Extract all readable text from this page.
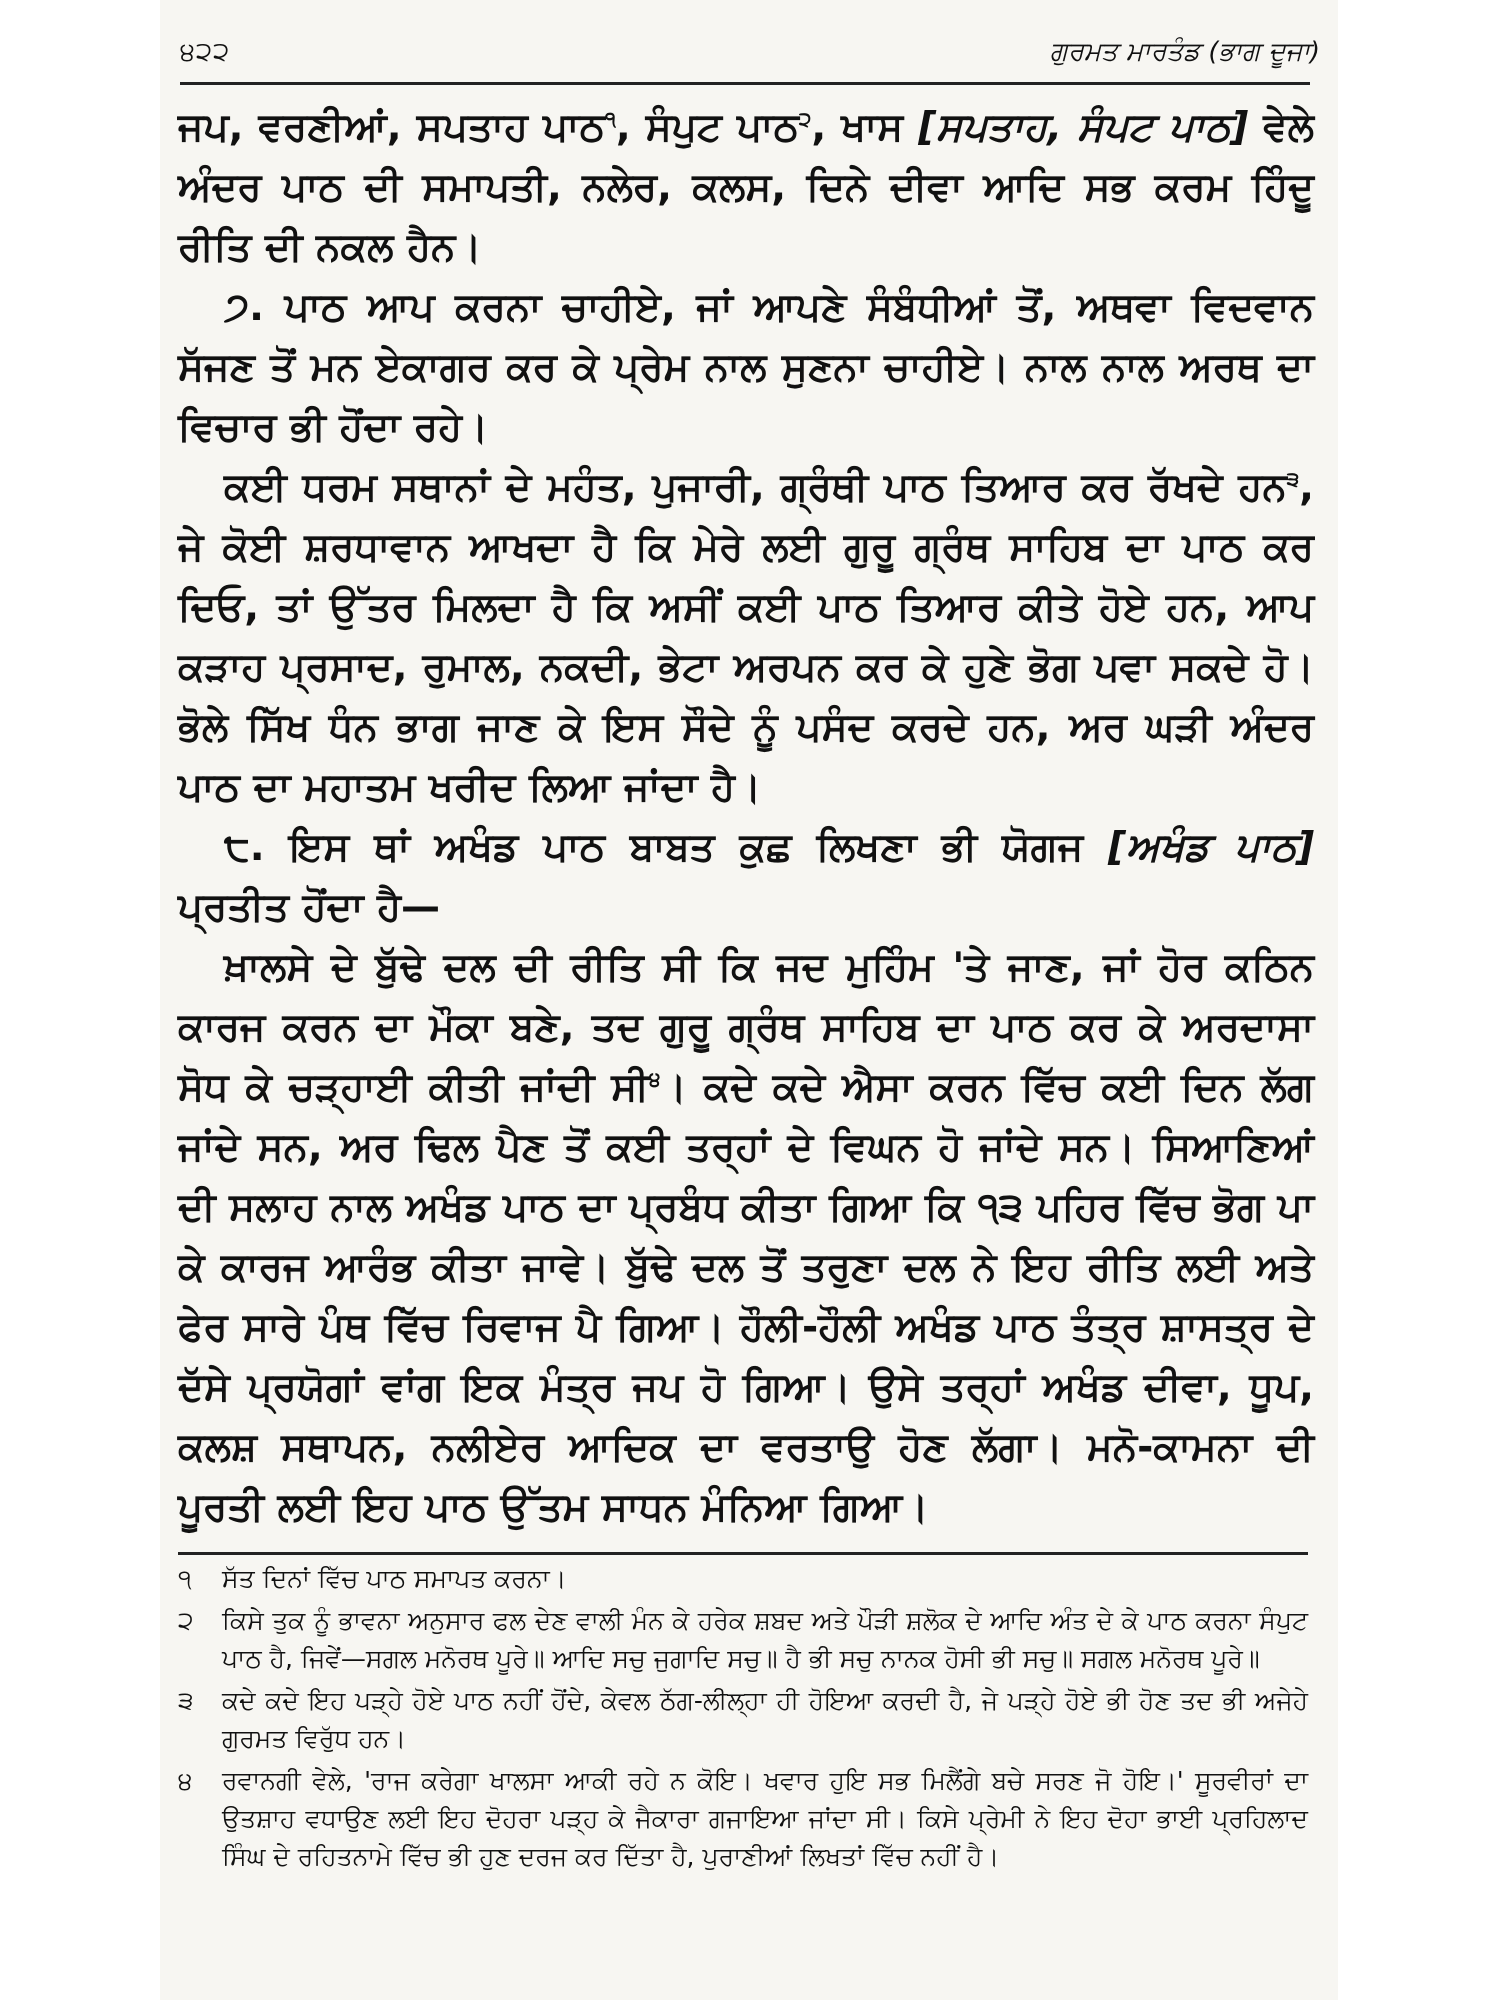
੪੨੨	ਗੁਰਮਤ ਮਾਰਤੰਡ (ਭਾਗ ਦੂਜਾ)

ਜਪ, ਵਰਣੀਆਂ, ਸਪਤਾਹ ਪਾਠ$^੧$, ਸੰਪੁਟ ਪਾਠ$^੨$, ਖਾਸ [ਸਪਤਾਹ, ਸੰਪਟ ਪਾਠ] ਵੇਲੇ ਅੰਦਰ ਪਾਠ ਦੀ ਸਮਾਪਤੀ, ਨਲੇਰ, ਕਲਸ, ਦਿਨੇ ਦੀਵਾ ਆਦਿ ਸਭ ਕਰਮ ਹਿੰਦੂ ਰੀਤਿ ਦੀ ਨਕਲ ਹੈਨ।

੭. ਪਾਠ ਆਪ ਕਰਨਾ ਚਾਹੀਏ, ਜਾਂ ਆਪਣੇ ਸੰਬੰਧੀਆਂ ਤੋਂ, ਅਥਵਾ ਵਿਦਵਾਨ ਸੱਜਣ ਤੋਂ ਮਨ ਏਕਾਗਰ ਕਰ ਕੇ ਪ੍ਰੇਮ ਨਾਲ ਸੁਣਨਾ ਚਾਹੀਏ। ਨਾਲ ਨਾਲ ਅਰਥ ਦਾ ਵਿਚਾਰ ਭੀ ਹੋਂਦਾ ਰਹੇ।

ਕਈ ਧਰਮ ਸਥਾਨਾਂ ਦੇ ਮਹੰਤ, ਪੁਜਾਰੀ, ਗ੍ਰੰਥੀ ਪਾਠ ਤਿਆਰ ਕਰ ਰੱਖਦੇ ਹਨ$^੩$, ਜੇ ਕੋਈ ਸ਼ਰਧਾਵਾਨ ਆਖਦਾ ਹੈ ਕਿ ਮੇਰੇ ਲਈ ਗੁਰੂ ਗ੍ਰੰਥ ਸਾਹਿਬ ਦਾ ਪਾਠ ਕਰ ਦਿਓ, ਤਾਂ ਉੱਤਰ ਮਿਲਦਾ ਹੈ ਕਿ ਅਸੀਂ ਕਈ ਪਾਠ ਤਿਆਰ ਕੀਤੇ ਹੋਏ ਹਨ, ਆਪ ਕੜਾਹ ਪ੍ਰਸਾਦ, ਰੁਮਾਲ, ਨਕਦੀ, ਭੇਟਾ ਅਰਪਨ ਕਰ ਕੇ ਹੁਣੇ ਭੋਗ ਪਵਾ ਸਕਦੇ ਹੋ। ਭੋਲੇ ਸਿੱਖ ਧੰਨ ਭਾਗ ਜਾਣ ਕੇ ਇਸ ਸੌਦੇ ਨੂੰ ਪਸੰਦ ਕਰਦੇ ਹਨ, ਅਰ ਘੜੀ ਅੰਦਰ ਪਾਠ ਦਾ ਮਹਾਤਮ ਖਰੀਦ ਲਿਆ ਜਾਂਦਾ ਹੈ।

੮. ਇਸ ਥਾਂ ਅਖੰਡ ਪਾਠ ਬਾਬਤ ਕੁਛ ਲਿਖਣਾ ਭੀ ਯੋਗਜ [ਅਖੰਡ ਪਾਠ] ਪ੍ਰਤੀਤ ਹੋਂਦਾ ਹੈ—

ਖ਼ਾਲਸੇ ਦੇ ਬੁੱਢੇ ਦਲ ਦੀ ਰੀਤਿ ਸੀ ਕਿ ਜਦ ਮੁਹਿੰਮ 'ਤੇ ਜਾਣ, ਜਾਂ ਹੋਰ ਕਠਿਨ ਕਾਰਜ ਕਰਨ ਦਾ ਮੌਕਾ ਬਣੇ, ਤਦ ਗੁਰੂ ਗ੍ਰੰਥ ਸਾਹਿਬ ਦਾ ਪਾਠ ਕਰ ਕੇ ਅਰਦਾਸਾ ਸੋਧ ਕੇ ਚੜ੍ਹਾਈ ਕੀਤੀ ਜਾਂਦੀ ਸੀ$^੪$। ਕਦੇ ਕਦੇ ਐਸਾ ਕਰਨ ਵਿੱਚ ਕਈ ਦਿਨ ਲੱਗ ਜਾਂਦੇ ਸਨ, ਅਰ ਢਿਲ ਪੈਣ ਤੋਂ ਕਈ ਤਰ੍ਹਾਂ ਦੇ ਵਿਘਨ ਹੋ ਜਾਂਦੇ ਸਨ। ਸਿਆਣਿਆਂ ਦੀ ਸਲਾਹ ਨਾਲ ਅਖੰਡ ਪਾਠ ਦਾ ਪ੍ਰਬੰਧ ਕੀਤਾ ਗਿਆ ਕਿ ੧੩ ਪਹਿਰ ਵਿੱਚ ਭੋਗ ਪਾ ਕੇ ਕਾਰਜ ਆਰੰਭ ਕੀਤਾ ਜਾਵੇ। ਬੁੱਢੇ ਦਲ ਤੋਂ ਤਰੁਣਾ ਦਲ ਨੇ ਇਹ ਰੀਤਿ ਲਈ ਅਤੇ ਫੇਰ ਸਾਰੇ ਪੰਥ ਵਿੱਚ ਰਿਵਾਜ ਪੈ ਗਿਆ। ਹੌਲੀ-ਹੌਲੀ ਅਖੰਡ ਪਾਠ ਤੰਤ੍ਰ ਸ਼ਾਸਤ੍ਰ ਦੇ ਦੱਸੇ ਪ੍ਰਯੋਗਾਂ ਵਾਂਗ ਇਕ ਮੰਤ੍ਰ ਜਪ ਹੋ ਗਿਆ। ਉਸੇ ਤਰ੍ਹਾਂ ਅਖੰਡ ਦੀਵਾ, ਧੂਪ, ਕਲਸ਼ ਸਥਾਪਨ, ਨਲੀਏਰ ਆਦਿਕ ਦਾ ਵਰਤਾਉ ਹੋਣ ਲੱਗਾ। ਮਨੋ-ਕਾਮਨਾ ਦੀ ਪੂਰਤੀ ਲਈ ਇਹ ਪਾਠ ਉੱਤਮ ਸਾਧਨ ਮੰਨਿਆ ਗਿਆ।

੧	ਸੱਤ ਦਿਨਾਂ ਵਿੱਚ ਪਾਠ ਸਮਾਪਤ ਕਰਨਾ।
੨	ਕਿਸੇ ਤੁਕ ਨੂੰ ਭਾਵਨਾ ਅਨੁਸਾਰ ਫਲ ਦੇਣ ਵਾਲੀ ਮੰਨ ਕੇ ਹਰੇਕ ਸ਼ਬਦ ਅਤੇ ਪੌੜੀ ਸ਼ਲੋਕ ਦੇ ਆਦਿ ਅੰਤ ਦੇ ਕੇ ਪਾਠ ਕਰਨਾ ਸੰਪੁਟ ਪਾਠ ਹੈ, ਜਿਵੇਂ—ਸਗਲ ਮਨੋਰਥ ਪੂਰੇ॥ ਆਦਿ ਸਚੁ ਜੁਗਾਦਿ ਸਚੁ॥ ਹੈ ਭੀ ਸਚੁ ਨਾਨਕ ਹੋਸੀ ਭੀ ਸਚੁ॥ ਸਗਲ ਮਨੋਰਥ ਪੂਰੇ॥
੩	ਕਦੇ ਕਦੇ ਇਹ ਪੜ੍ਹੇ ਹੋਏ ਪਾਠ ਨਹੀਂ ਹੋਂਦੇ, ਕੇਵਲ ਠੱਗ-ਲੀਲ੍ਹਾ ਹੀ ਹੋਇਆ ਕਰਦੀ ਹੈ, ਜੇ ਪੜ੍ਹੇ ਹੋਏ ਭੀ ਹੋਣ ਤਦ ਭੀ ਅਜੇਹੇ ਗੁਰਮਤ ਵਿਰੁੱਧ ਹਨ।
੪	ਰਵਾਨਗੀ ਵੇਲੇ, 'ਰਾਜ ਕਰੇਗਾ ਖਾਲਸਾ ਆਕੀ ਰਹੇ ਨ ਕੋਇ। ਖਵਾਰ ਹੁਇ ਸਭ ਮਿਲੈਂਗੇ ਬਚੇ ਸਰਣ ਜੋ ਹੋਇ।' ਸੂਰਵੀਰਾਂ ਦਾ ਉਤਸ਼ਾਹ ਵਧਾਉਣ ਲਈ ਇਹ ਦੋਹਰਾ ਪੜ੍ਹ ਕੇ ਜੈਕਾਰਾ ਗਜਾਇਆ ਜਾਂਦਾ ਸੀ। ਕਿਸੇ ਪ੍ਰੇਮੀ ਨੇ ਇਹ ਦੋਹਾ ਭਾਈ ਪ੍ਰਹਿਲਾਦ ਸਿੰਘ ਦੇ ਰਹਿਤਨਾਮੇ ਵਿੱਚ ਭੀ ਹੁਣ ਦਰਜ ਕਰ ਦਿੱਤਾ ਹੈ, ਪੁਰਾਣੀਆਂ ਲਿਖਤਾਂ ਵਿੱਚ ਨਹੀਂ ਹੈ।
